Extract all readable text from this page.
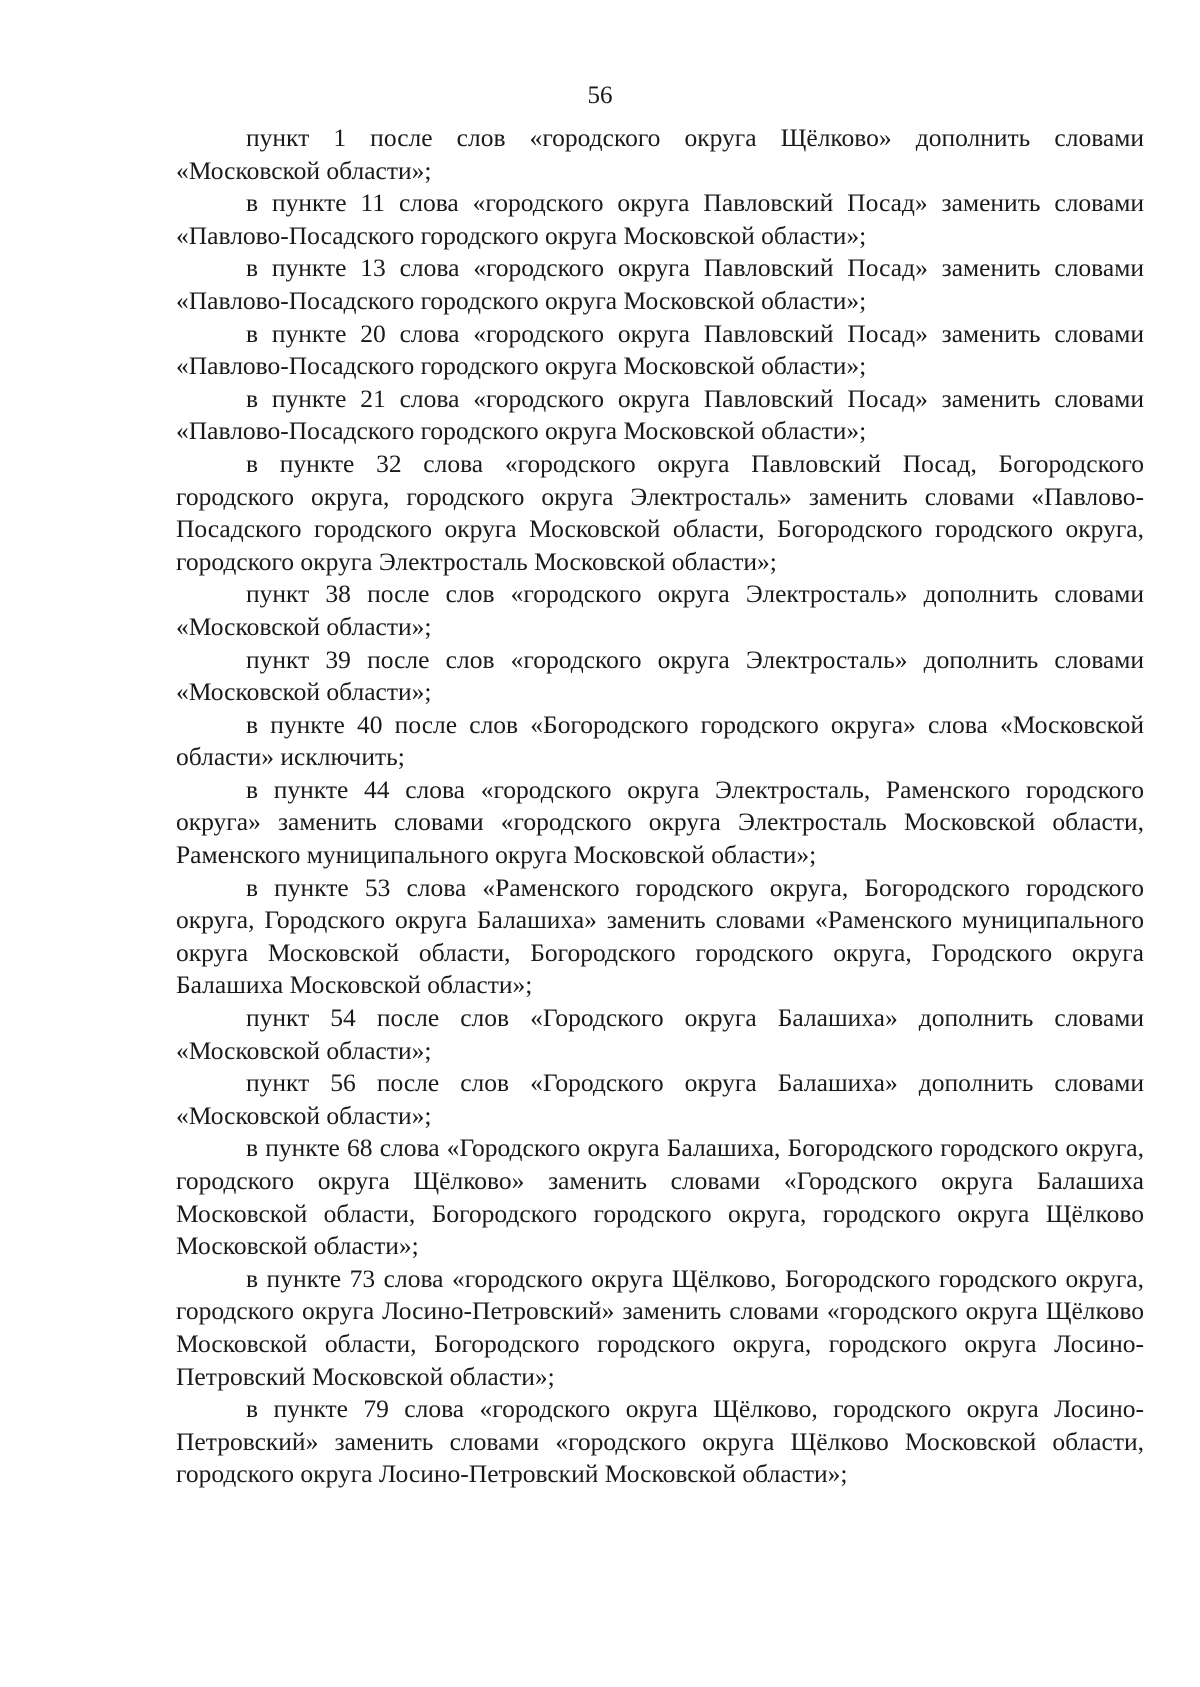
56

пункт 1 после слов «городского округа Щёлково» дополнить словами «Московской области»;

в пункте 11 слова «городского округа Павловский Посад» заменить словами «Павлово-Посадского городского округа Московской области»;

в пункте 13 слова «городского округа Павловский Посад» заменить словами «Павлово-Посадского городского округа Московской области»;

в пункте 20 слова «городского округа Павловский Посад» заменить словами «Павлово-Посадского городского округа Московской области»;

в пункте 21 слова «городского округа Павловский Посад» заменить словами «Павлово-Посадского городского округа Московской области»;

в пункте 32 слова «городского округа Павловский Посад, Богородского городского округа, городского округа Электросталь» заменить словами «Павлово-Посадского городского округа Московской области, Богородского городского округа, городского округа Электросталь Московской области»;

пункт 38 после слов «городского округа Электросталь» дополнить словами «Московской области»;

пункт 39 после слов «городского округа Электросталь» дополнить словами «Московской области»;

в пункте 40 после слов «Богородского городского округа» слова «Московской области» исключить;

в пункте 44 слова «городского округа Электросталь, Раменского городского округа» заменить словами «городского округа Электросталь Московской области, Раменского муниципального округа Московской области»;

в пункте 53 слова «Раменского городского округа, Богородского городского округа, Городского округа Балашиха» заменить словами «Раменского муниципального округа Московской области, Богородского городского округа, Городского округа Балашиха Московской области»;

пункт 54 после слов «Городского округа Балашиха» дополнить словами «Московской области»;

пункт 56 после слов «Городского округа Балашиха» дополнить словами «Московской области»;

в пункте 68 слова «Городского округа Балашиха, Богородского городского округа, городского округа Щёлково» заменить словами «Городского округа Балашиха Московской области, Богородского городского округа, городского округа Щёлково Московской области»;

в пункте 73 слова «городского округа Щёлково, Богородского городского округа, городского округа Лосино-Петровский» заменить словами «городского округа Щёлково Московской области, Богородского городского округа, городского округа Лосино-Петровский Московской области»;

в пункте 79 слова «городского округа Щёлково, городского округа Лосино-Петровский» заменить словами «городского округа Щёлково Московской области, городского округа Лосино-Петровский Московской области»;
